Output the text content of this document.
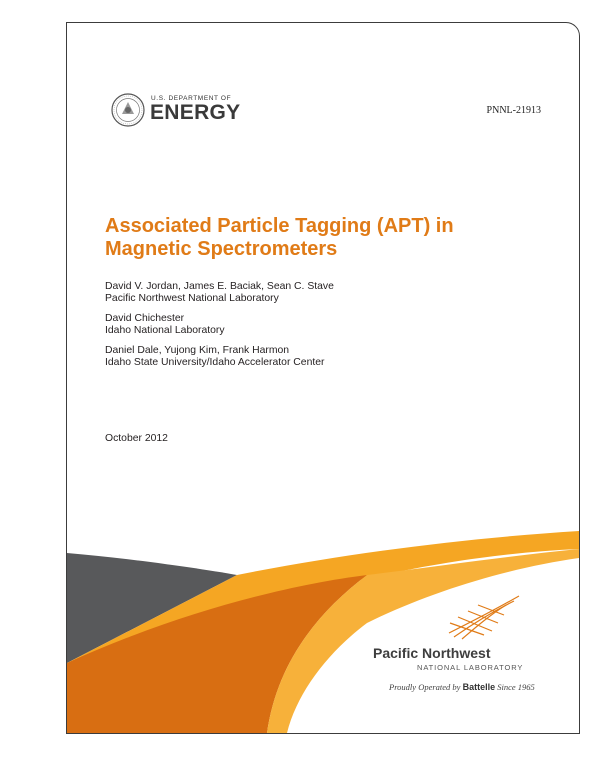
U.S. DEPARTMENT OF
ENERGY	PNNL-21913
Associated Particle Tagging (APT) in Magnetic Spectrometers
David V. Jordan, James E. Baciak, Sean C. Stave
Pacific Northwest National Laboratory
David Chichester
Idaho National Laboratory
Daniel Dale, Yujong Kim, Frank Harmon
Idaho State University/Idaho Accelerator Center
October 2012
Pacific Northwest
NATIONAL LABORATORY
Proudly Operated by Battelle Since 1965
